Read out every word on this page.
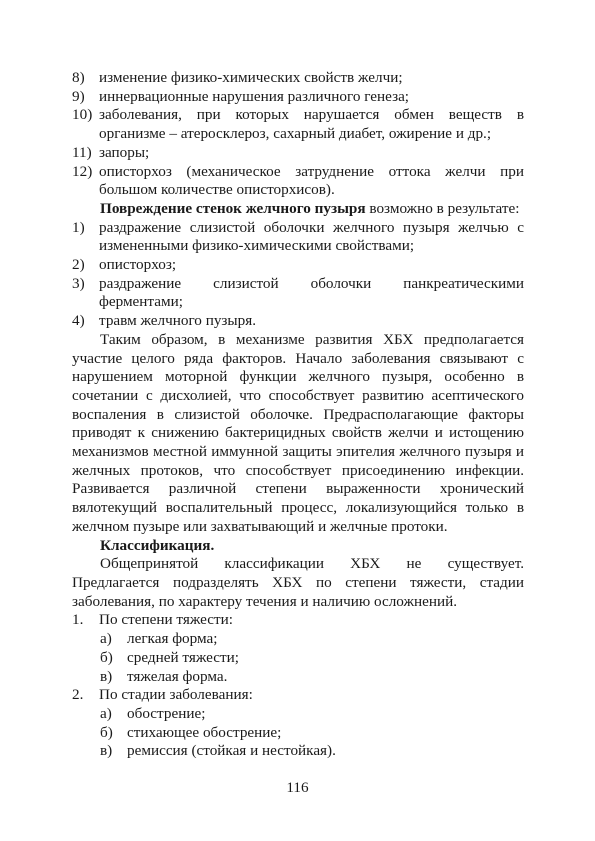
8) изменение физико-химических свойств желчи;
9) иннервационные нарушения различного генеза;
10) заболевания, при которых нарушается обмен веществ в организме – атеросклероз, сахарный диабет, ожирение и др.;
11) запоры;
12) описторхоз (механическое затруднение оттока желчи при большом количестве описторхисов).
Повреждение стенок желчного пузыря возможно в результате:
1) раздражение слизистой оболочки желчного пузыря желчью с измененными физико-химическими свойствами;
2) описторхоз;
3) раздражение слизистой оболочки панкреатическими ферментами;
4) травм желчного пузыря.
Таким образом, в механизме развития ХБХ предполагается участие целого ряда факторов. Начало заболевания связывают с нарушением моторной функции желчного пузыря, особенно в сочетании с дисхолией, что способствует развитию асептического воспаления в слизистой оболочке. Предрасполагающие факторы приводят к снижению бактерицидных свойств желчи и истощению механизмов местной иммунной защиты эпителия желчного пузыря и желчных протоков, что способствует присоединению инфекции. Развивается различной степени выраженности хронический вялотекущий воспалительный процесс, локализующийся только в желчном пузыре или захватывающий и желчные протоки.
Классификация.
Общепринятой классификации ХБХ не существует. Предлагается подразделять ХБХ по степени тяжести, стадии заболевания, по характеру течения и наличию осложнений.
1.	По степени тяжести:
а) легкая форма;
б) средней тяжести;
в) тяжелая форма.
2.	По стадии заболевания:
а) обострение;
б) стихающее обострение;
в) ремиссия (стойкая и нестойкая).
116
